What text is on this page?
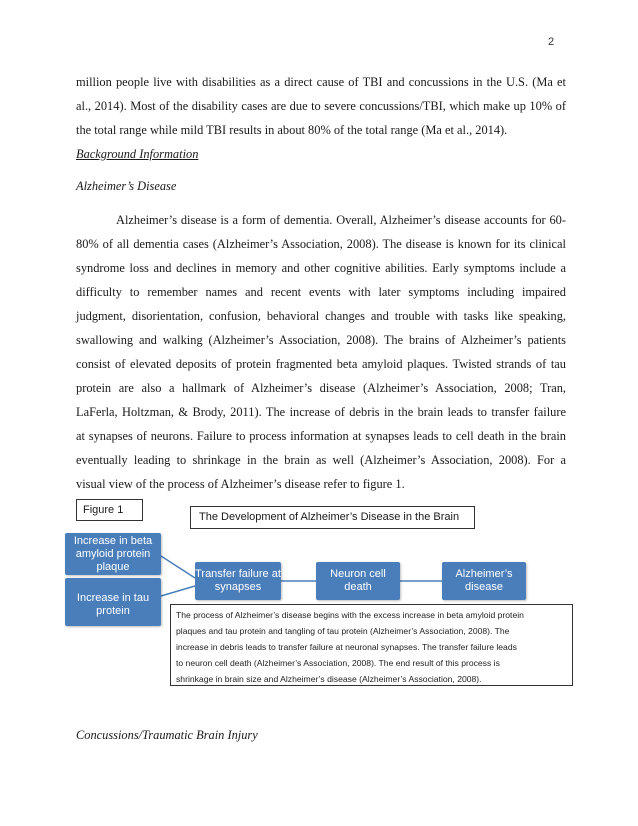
2
million people live with disabilities as a direct cause of TBI and concussions in the U.S. (Ma et
al., 2014). Most of the disability cases are due to severe concussions/TBI, which make up 10% of
the total range while mild TBI results in about 80% of the total range (Ma et al., 2014).
Background Information
Alzheimer’s Disease
Alzheimer’s disease is a form of dementia. Overall, Alzheimer’s disease accounts for 60-
80% of all dementia cases (Alzheimer’s Association, 2008). The disease is known for its clinical
syndrome loss and declines in memory and other cognitive abilities. Early symptoms include a
difficulty to remember names and recent events with later symptoms including impaired
judgment, disorientation, confusion, behavioral changes and trouble with tasks like speaking,
swallowing and walking (Alzheimer’s Association, 2008). The brains of Alzheimer’s patients
consist of elevated deposits of protein fragmented beta amyloid plaques. Twisted strands of tau
protein are also a hallmark of Alzheimer’s disease (Alzheimer’s Association, 2008; Tran,
LaFerla, Holtzman, & Brody, 2011). The increase of debris in the brain leads to transfer failure
at synapses of neurons. Failure to process information at synapses leads to cell death in the brain
eventually leading to shrinkage in the brain as well (Alzheimer’s Association, 2008). For a
visual view of the process of Alzheimer’s disease refer to figure 1.
Figure 1
The Development of Alzheimer’s Disease in the Brain
Increase in beta
amyloid protein
plaque
Increase in tau protein
Transfer failure at synapses
Neuron cell death
Alzheimer’s disease
The process of Alzheimer’s disease begins with the excess increase in beta amyloid protein
plaques and tau protein and tangling of tau protein (Alzheimer’s Association, 2008). The
increase in debris leads to transfer failure at neuronal synapses. The transfer failure leads
to neuron cell death (Alzheimer’s Association, 2008). The end result of this process is
shrinkage in brain size and Alzheimer’s disease (Alzheimer’s Association, 2008).
Concussions/Traumatic Brain Injury
